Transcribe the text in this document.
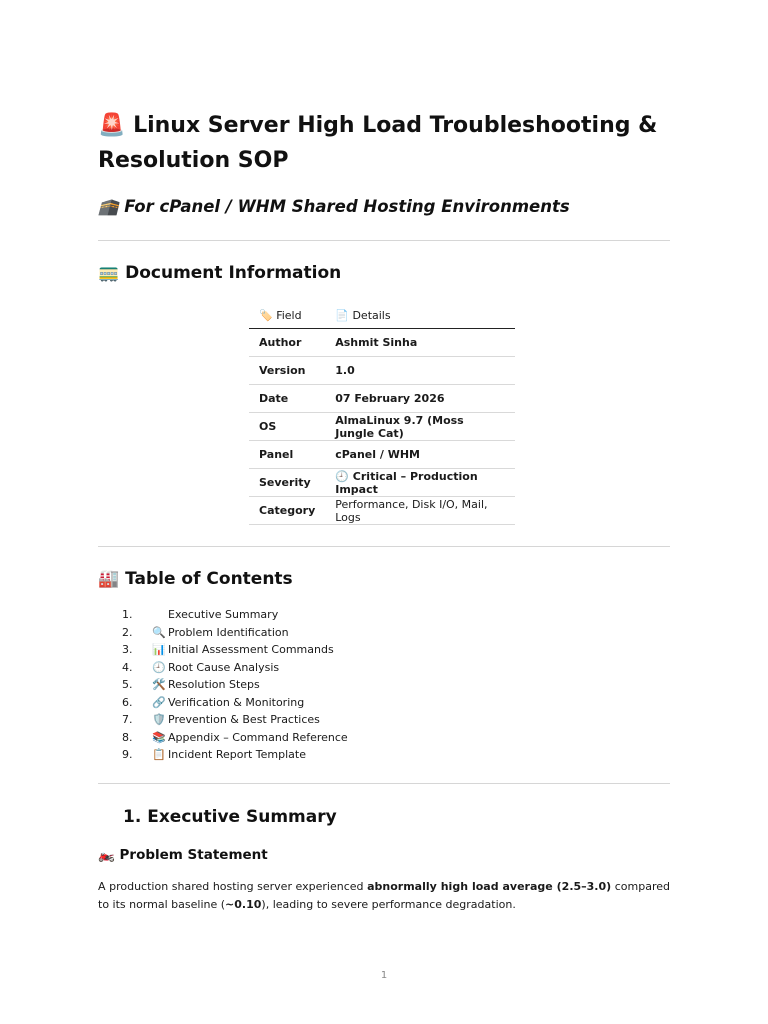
🚨 Linux Server High Load Troubleshooting & Resolution SOP
🕋 For cPanel / WHM Shared Hosting Environments
🚃 Document Information
🏷️ Field	📄 Details
Author	Ashmit Sinha
Version	1.0
Date	07 February 2026
OS	AlmaLinux 9.7 (Moss Jungle Cat)
Panel	cPanel / WHM
Severity	🕘 Critical – Production Impact
Category	Performance, Disk I/O, Mail, Logs
🏭 Table of Contents
1.	Executive Summary
2. 🔍 Problem Identification
3. 📊 Initial Assessment Commands
4. 🕘 Root Cause Analysis
5. 🛠️ Resolution Steps
6. 🔗 Verification & Monitoring
7. 🛡️ Prevention & Best Practices
8. 📚 Appendix – Command Reference
9. 📋 Incident Report Template
1. Executive Summary
🏍️ Problem Statement

A production shared hosting server experienced abnormally high load average (2.5–3.0) compared to its normal baseline (~0.10), leading to severe performance degradation.

1
